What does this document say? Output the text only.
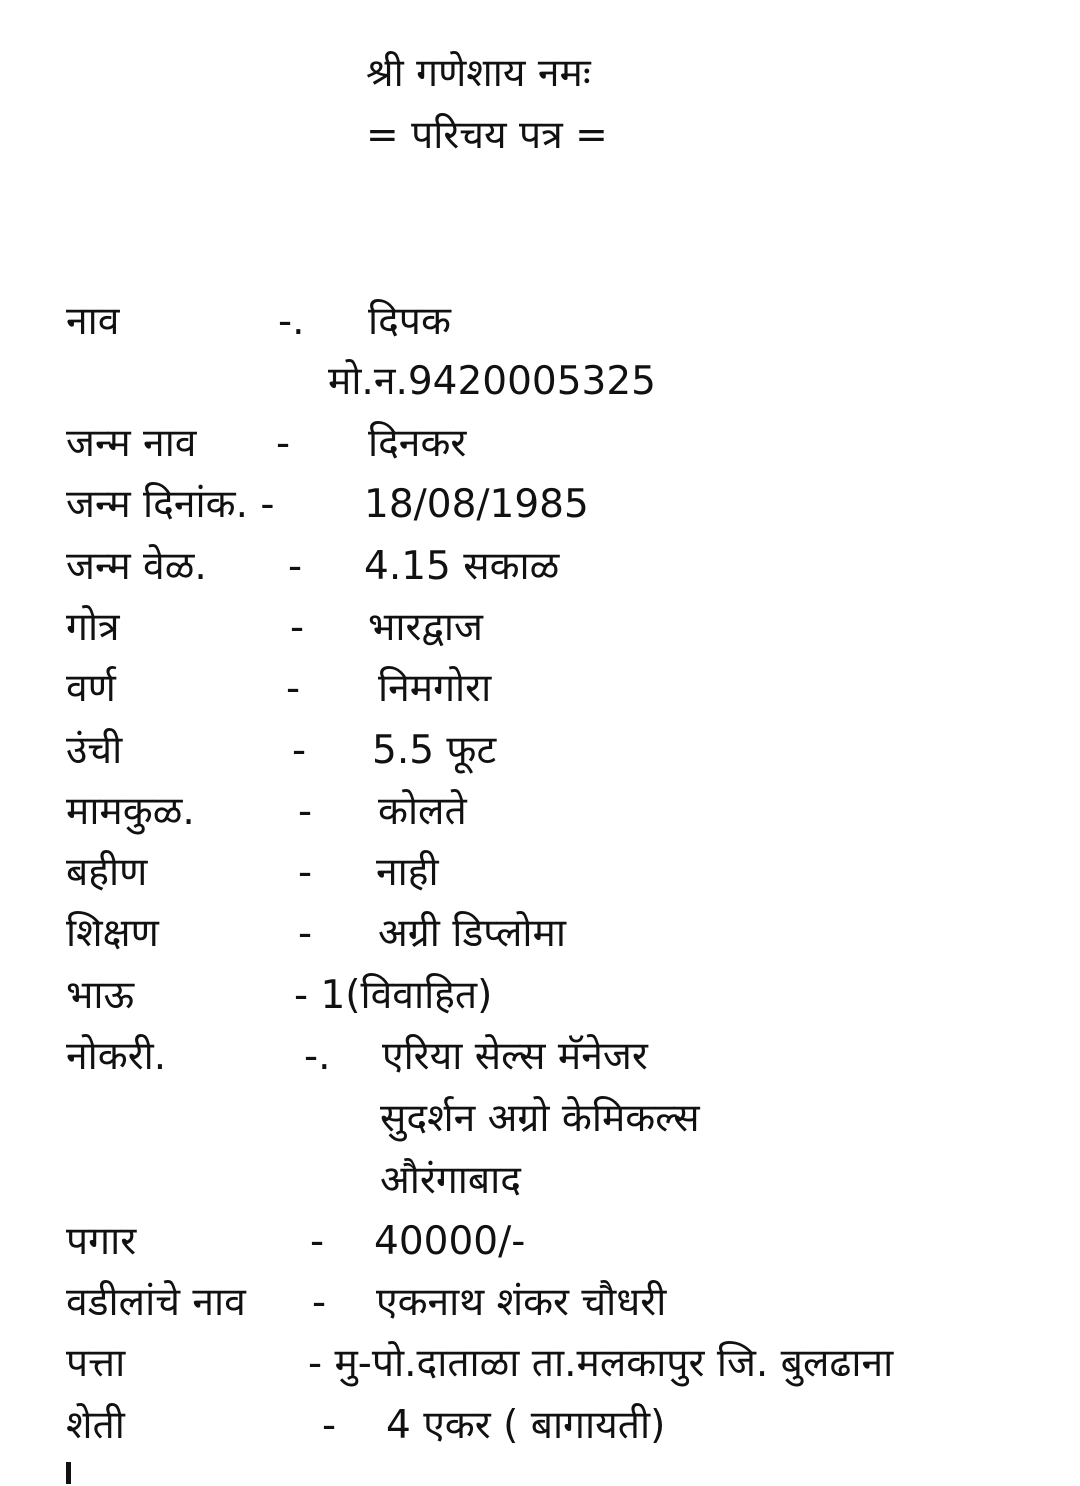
श्री गणेशाय नमः
= परिचय पत्र =
नाव	-. दिपक
मो.न.9420005325
जन्म नाव - दिनकर
जन्म दिनांक. - 18/08/1985
जन्म वेळ. - 4.15 सकाळ
गोत्र	- भारद्वाज
वर्ण	- निमगोरा
उंची	- 5.5 फूट
मामकुळ.	- कोलते
बहीण	- नाही
शिक्षण	- अग्री डिप्लोमा
भाऊ	- 1(विवाहित)
नोकरी.	-. एरिया सेल्स मॅनेजर
सुदर्शन अग्रो केमिकल्स
औरंगाबाद
पगार	- 40000/-
वडीलांचे नाव - एकनाथ शंकर चौधरी
पत्ता	- मु-पो.दाताळा ता.मलकापुर जि. बुलढाना
शेती	- 4 एकर ( बागायती)
